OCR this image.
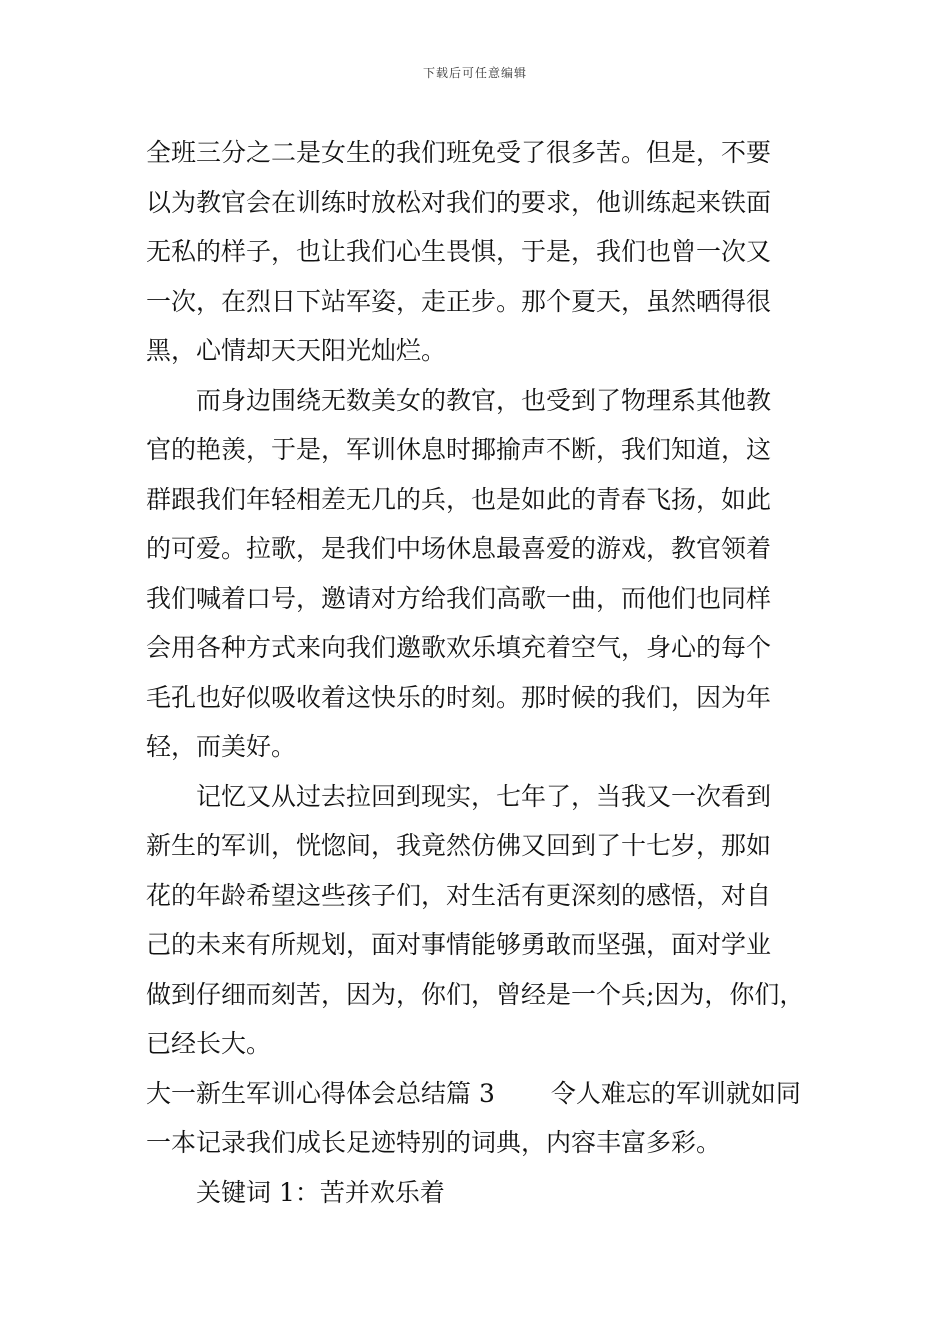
下载后可任意编辑
全班三分之二是女生的我们班免受了很多苦。但是，不要
以为教官会在训练时放松对我们的要求，他训练起来铁面
无私的样子，也让我们心生畏惧，于是，我们也曾一次又
一次，在烈日下站军姿，走正步。那个夏天，虽然晒得很
黑，心情却天天阳光灿烂。
而身边围绕无数美女的教官，也受到了物理系其他教
官的艳羡，于是，军训休息时揶揄声不断，我们知道，这
群跟我们年轻相差无几的兵，也是如此的青春飞扬，如此
的可爱。拉歌，是我们中场休息最喜爱的游戏，教官领着
我们喊着口号，邀请对方给我们高歌一曲，而他们也同样
会用各种方式来向我们邀歌欢乐填充着空气，身心的每个
毛孔也好似吸收着这快乐的时刻。那时候的我们，因为年
轻，而美好。
记忆又从过去拉回到现实，七年了，当我又一次看到
新生的军训，恍惚间，我竟然仿佛又回到了十七岁，那如
花的年龄希望这些孩子们，对生活有更深刻的感悟，对自
己的未来有所规划，面对事情能够勇敢而坚强，面对学业
做到仔细而刻苦，因为，你们，曾经是一个兵;因为，你们，
已经长大。
大一新生军训心得体会总结篇 3 令人难忘的军训就如同
一本记录我们成长足迹特别的词典，内容丰富多彩。
关键词 1：苦并欢乐着
